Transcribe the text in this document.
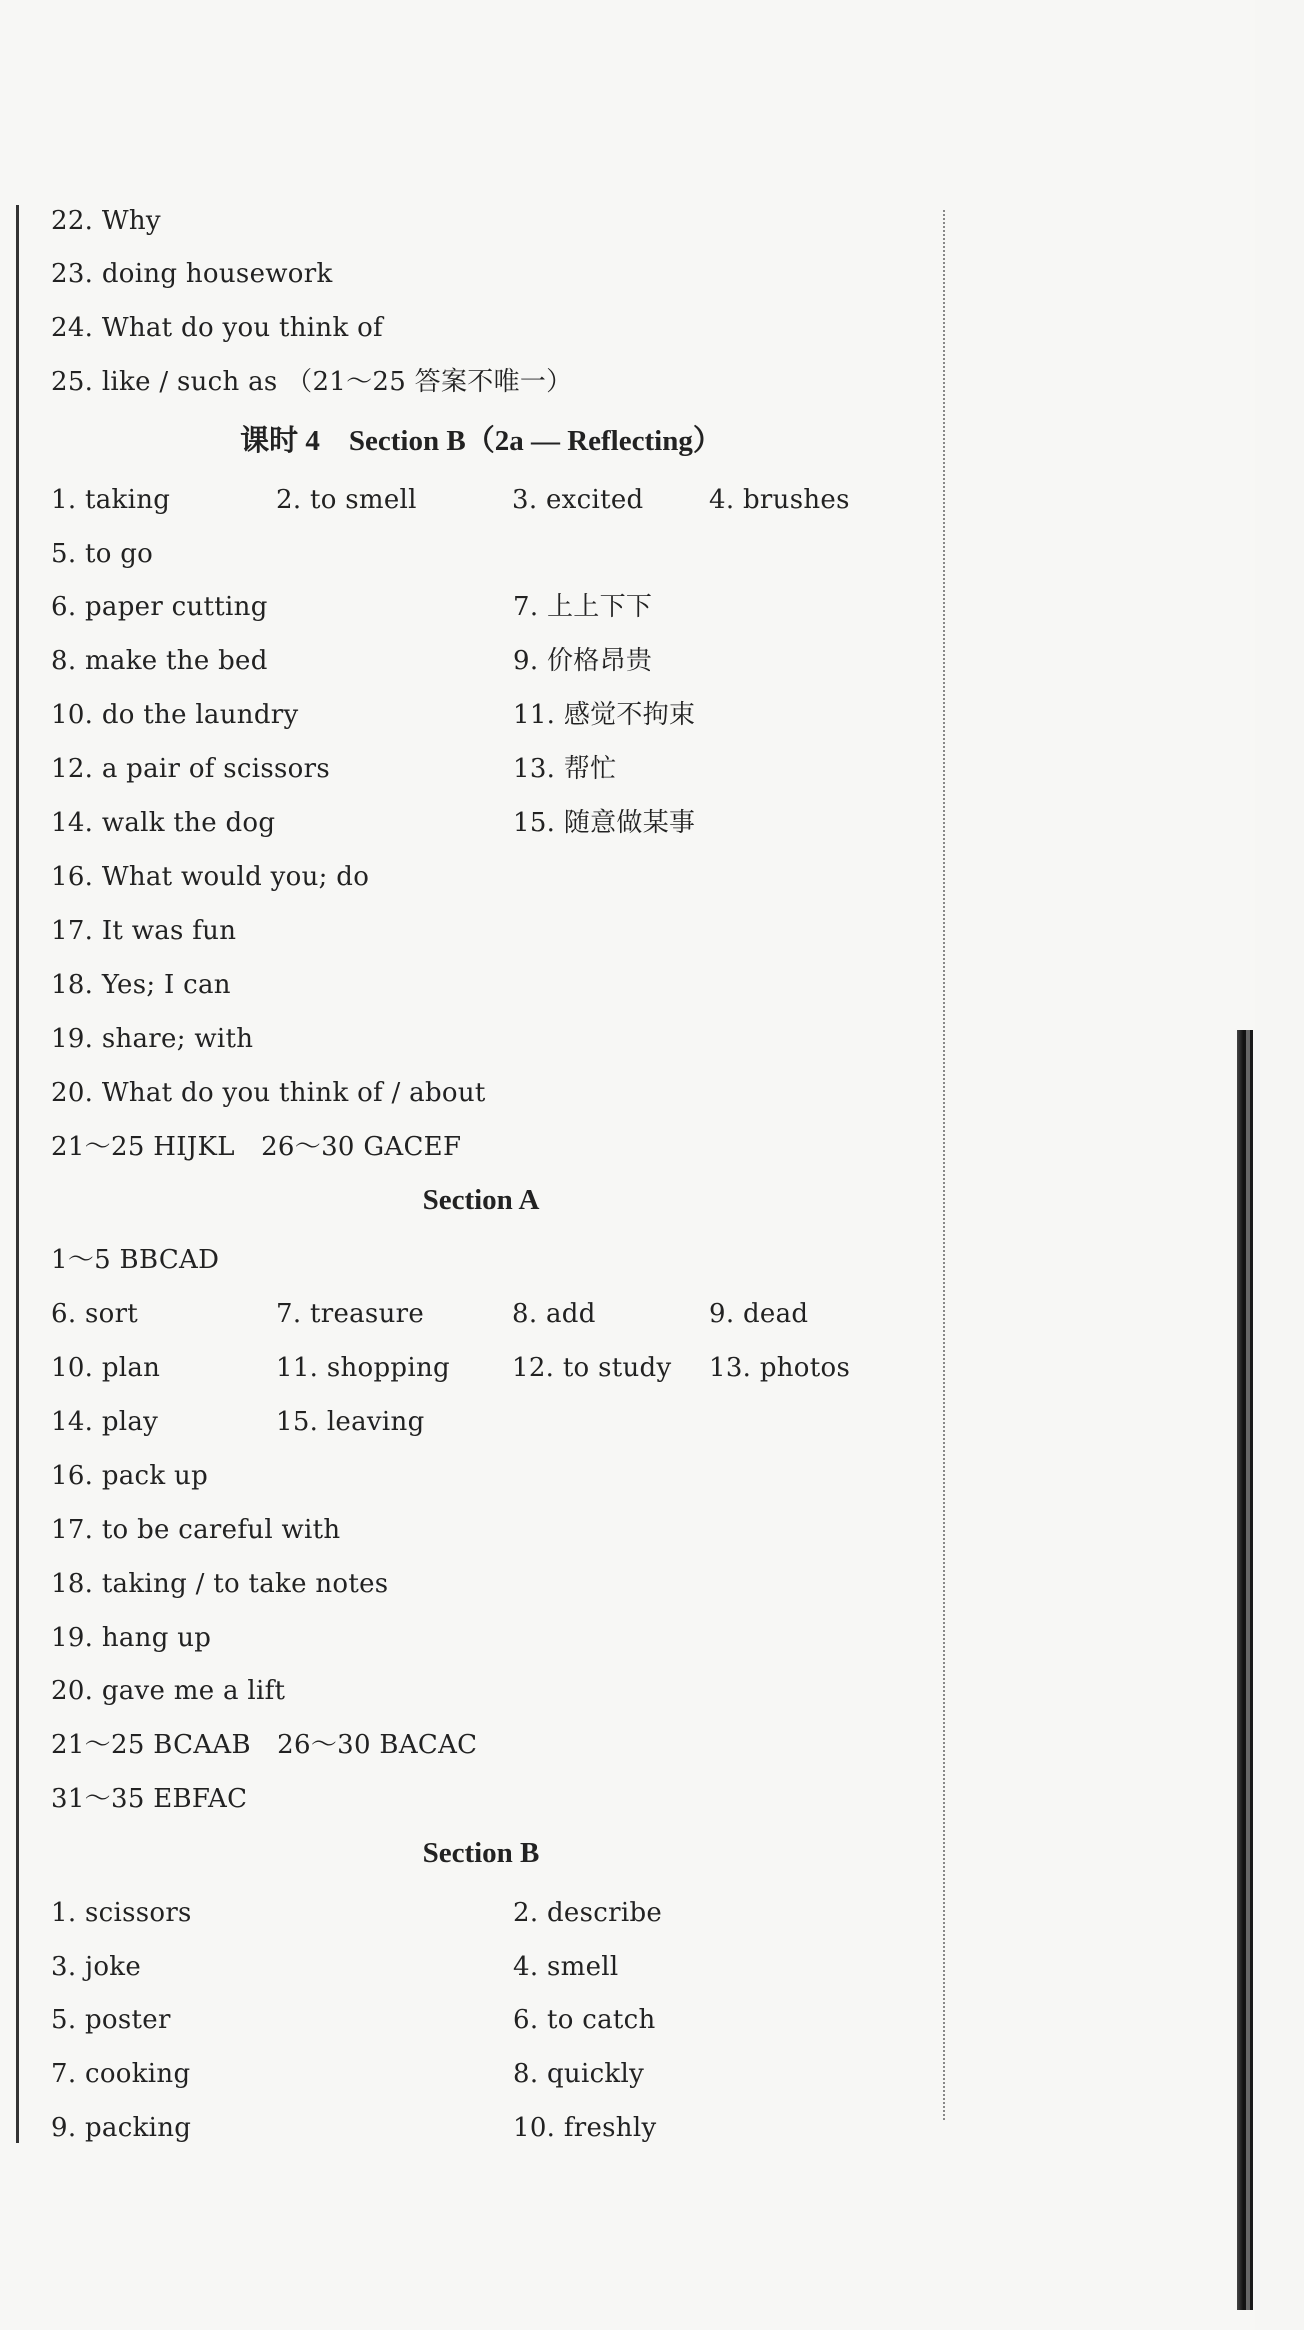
22. Why
23. doing housework
24. What do you think of
25. like / such as （21～25 答案不唯一）
课时 4　Section B（2a — Reflecting）
1. taking	2. to smell	3. excited	4. brushes
5. to go
6. paper cutting	7. 上上下下
8. make the bed	9. 价格昂贵
10. do the laundry	11. 感觉不拘束
12. a pair of scissors	13. 帮忙
14. walk the dog	15. 随意做某事
16. What would you; do
17. It was fun
18. Yes; I can
19. share; with
20. What do you think of / about
21～25 HIJKL　26～30 GACEF
Section A
1～5 BBCAD
6. sort	7. treasure	8. add	9. dead
10. plan	11. shopping 12. to study 13. photos
14. play	15. leaving
16. pack up
17. to be careful with
18. taking / to take notes
19. hang up
20. gave me a lift
21～25 BCAAB　26～30 BACAC
31～35 EBFAC
Section B
1. scissors	2. describe
3. joke	4. smell
5. poster	6. to catch
7. cooking	8. quickly
9. packing	10. freshly
